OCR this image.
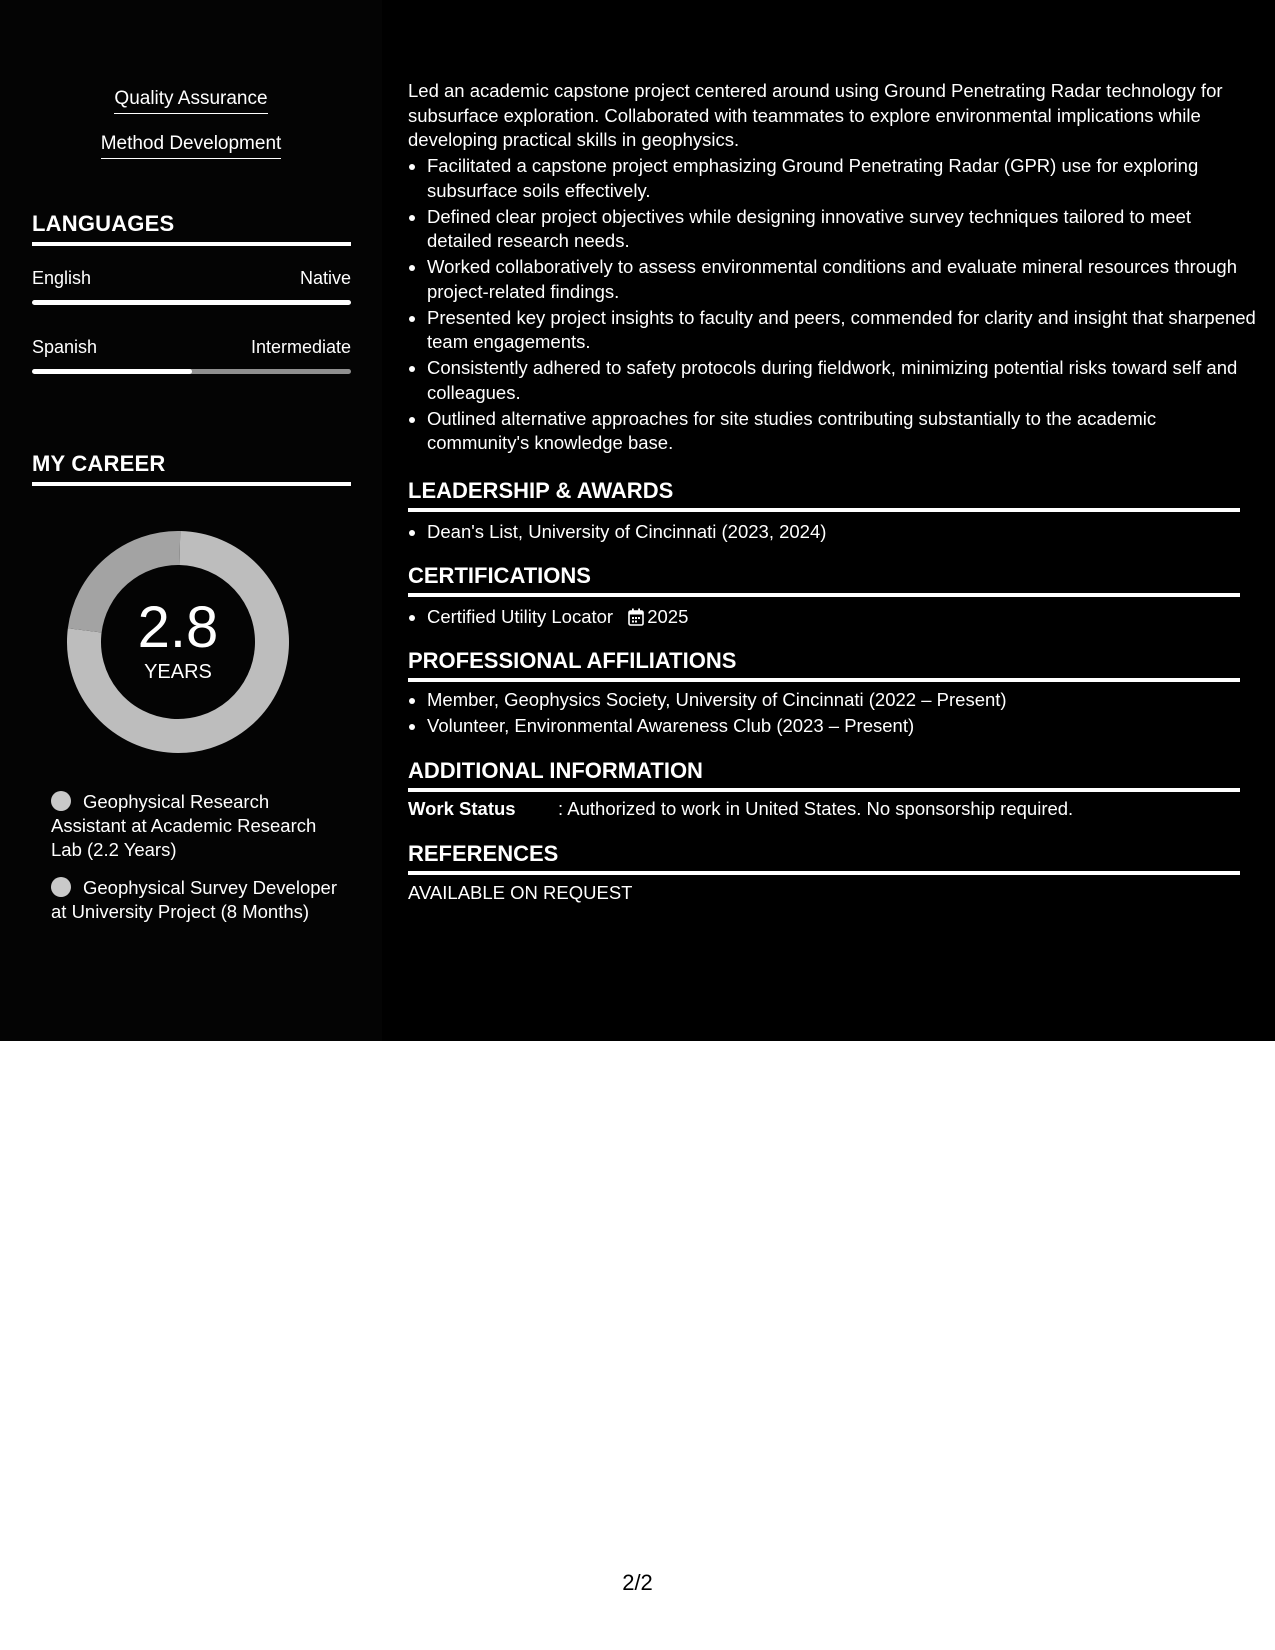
Quality Assurance
Method Development
LANGUAGES
English	Native
Spanish	Intermediate
MY CAREER
2.8
YEARS
Geophysical Research Assistant at Academic Research Lab (2.2 Years)
Geophysical Survey Developer at University Project (8 Months)

Led an academic capstone project centered around using Ground Penetrating Radar technology for subsurface exploration. Collaborated with teammates to explore environmental implications while developing practical skills in geophysics.

• Facilitated a capstone project emphasizing Ground Penetrating Radar (GPR) use for exploring subsurface soils effectively.
• Defined clear project objectives while designing innovative survey techniques tailored to meet detailed research needs.
• Worked collaboratively to assess environmental conditions and evaluate mineral resources through project-related findings.
• Presented key project insights to faculty and peers, commended for clarity and insight that sharpened team engagements.
• Consistently adhered to safety protocols during fieldwork, minimizing potential risks toward self and colleagues.
• Outlined alternative approaches for site studies contributing substantially to the academic community's knowledge base.
LEADERSHIP & AWARDS
• Dean's List, University of Cincinnati (2023, 2024)
CERTIFICATIONS
• Certified Utility Locator 2025
PROFESSIONAL AFFILIATIONS
• Member, Geophysics Society, University of Cincinnati (2022 – Present)
• Volunteer, Environmental Awareness Club (2023 – Present)
ADDITIONAL INFORMATION
Work Status : Authorized to work in United States. No sponsorship required.
REFERENCES
AVAILABLE ON REQUEST
2/2
